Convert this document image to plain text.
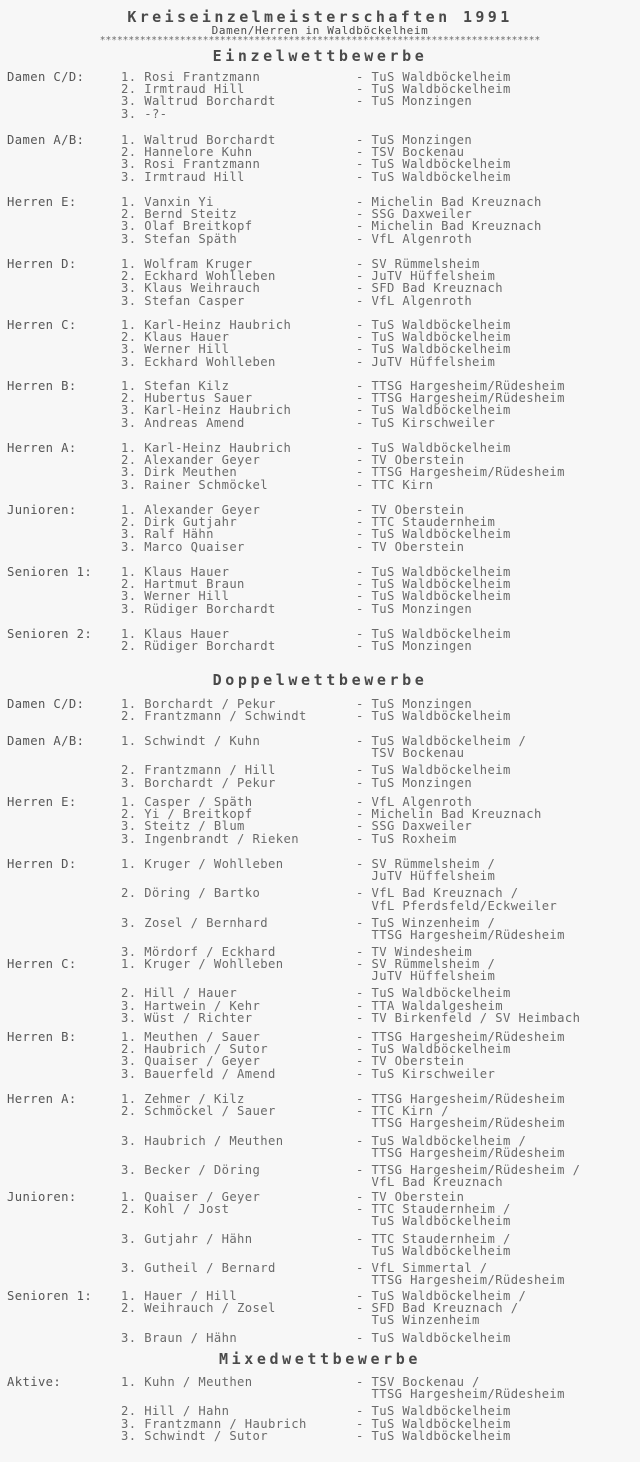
Kreiseinzelmeisterschaften 1991
Damen/Herren in Waldböckelheim
*****************************************************************************
Einzelwettbewerbe
Damen C/D:	1. Rosi Frantzmann	- TuS Waldböckelheim
2. Irmtraud Hill	- TuS Waldböckelheim
3. Waltrud Borchardt	- TuS Monzingen
3. -?-
Damen A/B:	1. Waltrud Borchardt	- TuS Monzingen
2. Hannelore Kuhn	- TSV Bockenau
3. Rosi Frantzmann	- TuS Waldböckelheim
3. Irmtraud Hill	- TuS Waldböckelheim
Herren E:	1. Vanxin Yi	- Michelin Bad Kreuznach
2. Bernd Steitz	- SSG Daxweiler
3. Olaf Breitkopf	- Michelin Bad Kreuznach
3. Stefan Späth	- VfL Algenroth
Herren D:	1. Wolfram Kruger	- SV Rümmelsheim
2. Eckhard Wohlleben	- JuTV Hüffelsheim
3. Klaus Weihrauch	- SFD Bad Kreuznach
3. Stefan Casper	- VfL Algenroth
Herren C:	1. Karl-Heinz Haubrich	- TuS Waldböckelheim
2. Klaus Hauer	- TuS Waldböckelheim
3. Werner Hill	- TuS Waldböckelheim
3. Eckhard Wohlleben	- JuTV Hüffelsheim
Herren B:	1. Stefan Kilz	- TTSG Hargesheim/Rüdesheim
2. Hubertus Sauer	- TTSG Hargesheim/Rüdesheim
3. Karl-Heinz Haubrich	- TuS Waldböckelheim
3. Andreas Amend	- TuS Kirschweiler
Herren A:	1. Karl-Heinz Haubrich	- TuS Waldböckelheim
2. Alexander Geyer	- TV Oberstein
3. Dirk Meuthen	- TTSG Hargesheim/Rüdesheim
3. Rainer Schmöckel	- TTC Kirn
Junioren:	1. Alexander Geyer	- TV Oberstein
2. Dirk Gutjahr	- TTC Staudernheim
3. Ralf Hähn	- TuS Waldböckelheim
3. Marco Quaiser	- TV Oberstein
Senioren 1: 1. Klaus Hauer	- TuS Waldböckelheim
2. Hartmut Braun	- TuS Waldböckelheim
3. Werner Hill	- TuS Waldböckelheim
3. Rüdiger Borchardt	- TuS Monzingen
Senioren 2: 1. Klaus Hauer	- TuS Waldböckelheim
2. Rüdiger Borchardt	- TuS Monzingen
Doppelwettbewerbe
Damen C/D:	1. Borchardt / Pekur	- TuS Monzingen
2. Frantzmann / Schwindt	- TuS Waldböckelheim
Damen A/B:	1. Schwindt / Kuhn	- TuS Waldböckelheim /
TSV Bockenau
2. Frantzmann / Hill	- TuS Waldböckelheim
3. Borchardt / Pekur	- TuS Monzingen
Herren E:	1. Casper / Späth	- VfL Algenroth
2. Yi / Breitkopf	- Michelin Bad Kreuznach
3. Steitz / Blum	- SSG Daxweiler
3. Ingenbrandt / Rieken	- TuS Roxheim
Herren D:	1. Kruger / Wohlleben	- SV Rümmelsheim /
JuTV Hüffelsheim
2. Döring / Bartko	- VfL Bad Kreuznach /
VfL Pferdsfeld/Eckweiler
3. Zosel / Bernhard	- TuS Winzenheim /
TTSG Hargesheim/Rüdesheim
3. Mördorf / Eckhard	- TV Windesheim
Herren C:	1. Kruger / Wohlleben	- SV Rümmelsheim /
JuTV Hüffelsheim
2. Hill / Hauer	- TuS Waldböckelheim
3. Hartwein / Kehr	- TTA Waldalgesheim
3. Wüst / Richter	- TV Birkenfeld / SV Heimbach
Herren B:	1. Meuthen / Sauer	- TTSG Hargesheim/Rüdesheim
2. Haubrich / Sutor	- TuS Waldböckelheim
3. Quaiser / Geyer	- TV Oberstein
3. Bauerfeld / Amend	- TuS Kirschweiler
Herren A:	1. Zehmer / Kilz	- TTSG Hargesheim/Rüdesheim
2. Schmöckel / Sauer	- TTC Kirn /
TTSG Hargesheim/Rüdesheim
3. Haubrich / Meuthen	- TuS Waldböckelheim /
TTSG Hargesheim/Rüdesheim
3. Becker / Döring	- TTSG Hargesheim/Rüdesheim /
VfL Bad Kreuznach
Junioren:	1. Quaiser / Geyer	- TV Oberstein
2. Kohl / Jost	- TTC Staudernheim /
TuS Waldböckelheim
3. Gutjahr / Hähn	- TTC Staudernheim /
TuS Waldböckelheim
3. Gutheil / Bernard	- VfL Simmertal /
TTSG Hargesheim/Rüdesheim
Senioren 1: 1. Hauer / Hill	- TuS Waldböckelheim /
2. Weihrauch / Zosel	- SFD Bad Kreuznach /
TuS Winzenheim
3. Braun / Hähn	- TuS Waldböckelheim
Mixedwettbewerbe
Aktive:	1. Kuhn / Meuthen	- TSV Bockenau /
TTSG Hargesheim/Rüdesheim
2. Hill / Hahn	- TuS Waldböckelheim
3. Frantzmann / Haubrich	- TuS Waldböckelheim
3. Schwindt / Sutor	- TuS Waldböckelheim
